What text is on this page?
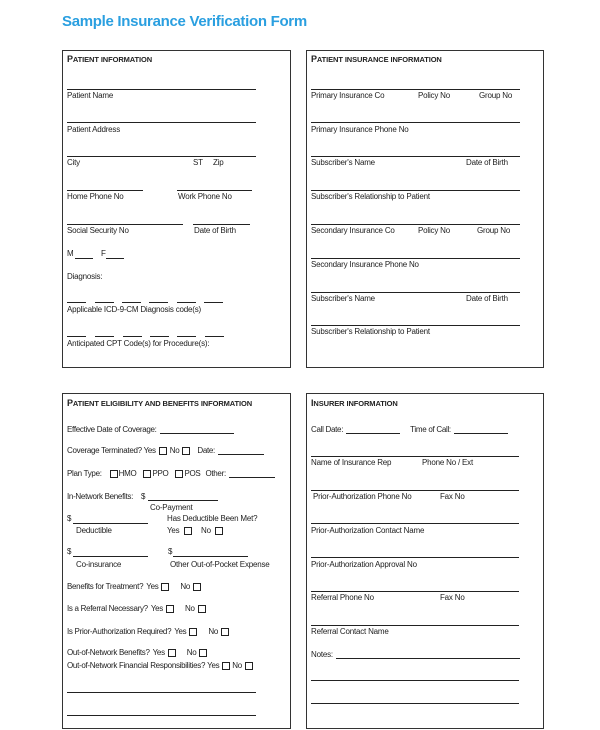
Sample Insurance Verification Form
PATIENT INFORMATION
Patient Name
Patient Address
City	ST Zip
Home Phone No	Work Phone No
Social Security No	Date of Birth
M	F
Diagnosis:
Applicable ICD-9-CM Diagnosis code(s)
Anticipated CPT Code(s) for Procedure(s):
PATIENT INSURANCE INFORMATION
Primary Insurance Co	Policy No	Group No
Primary Insurance Phone No
Subscriber's Name	Date of Birth
Subscriber's Relationship to Patient
Secondary Insurance Co	Policy No	Group No
Secondary Insurance Phone No
Subscriber's Name	Date of Birth
Subscriber's Relationship to Patient
PATIENT ELIGIBILITY AND BENEFITS INFORMATION
Effective Date of Coverage:
Coverage Terminated? Yes No Date:
Plan Type: HMO PPO POS Other:
In-Network Benefits: $
Co-Payment
$	Has Deductible Been Met?
Deductible	Yes	No
$	$
Co-insurance	Other Out-of-Pocket Expense
Benefits for Treatment? Yes	No
Is a Referral Necessary? Yes	No
Is Prior-Authorization Required? Yes	No
Out-of-Network Benefits? Yes	No
Out-of-Network Financial Responsibilities? Yes No
INSURER INFORMATION
Call Date:	Time of Call:
Name of Insurance Rep	Phone No / Ext
Prior-Authorization Phone No	Fax No
Prior-Authorization Contact Name
Prior-Authorization Approval No
Referral Phone No	Fax No
Referral Contact Name
Notes:
